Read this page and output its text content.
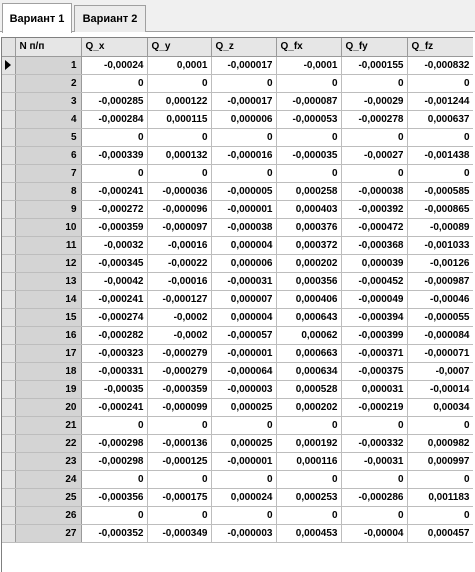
Вариант 1	Вариант 2
	N п/п	Q_x	Q_y	Q_z	Q_fx	Q_fy	Q_fz
	1	-0,00024	0,0001	-0,000017	-0,0001	-0,000155	-0,000832
	2	0	0	0	0	0	0
	3	-0,000285	0,000122	-0,000017	-0,000087	-0,00029	-0,001244
	4	-0,000284	0,000115	0,000006	-0,000053	-0,000278	0,000637
	5	0	0	0	0	0	0
	6	-0,000339	0,000132	-0,000016	-0,000035	-0,00027	-0,001438
	7	0	0	0	0	0	0
	8	-0,000241	-0,000036	-0,000005	0,000258	-0,000038	-0,000585
	9	-0,000272	-0,000096	-0,000001	0,000403	-0,000392	-0,000865
	10	-0,000359	-0,000097	-0,000038	0,000376	-0,000472	-0,00089
	11	-0,00032	-0,00016	0,000004	0,000372	-0,000368	-0,001033
	12	-0,000345	-0,00022	0,000006	0,000202	0,000039	-0,00126
	13	-0,00042	-0,00016	-0,000031	0,000356	-0,000452	-0,000987
	14	-0,000241	-0,000127	0,000007	0,000406	-0,000049	-0,00046
	15	-0,000274	-0,0002	0,000004	0,000643	-0,000394	-0,000055
	16	-0,000282	-0,0002	-0,000057	0,00062	-0,000399	-0,000084
	17	-0,000323	-0,000279	-0,000001	0,000663	-0,000371	-0,000071
	18	-0,000331	-0,000279	-0,000064	0,000634	-0,000375	-0,0007
	19	-0,00035	-0,000359	-0,000003	0,000528	0,000031	-0,00014
	20	-0,000241	-0,000099	0,000025	0,000202	-0,000219	0,00034
	21	0	0	0	0	0	0
	22	-0,000298	-0,000136	0,000025	0,000192	-0,000332	0,000982
	23	-0,000298	-0,000125	-0,000001	0,000116	-0,00031	0,000997
	24	0	0	0	0	0	0
	25	-0,000356	-0,000175	0,000024	0,000253	-0,000286	0,001183
	26	0	0	0	0	0	0
	27	-0,000352	-0,000349	-0,000003	0,000453	-0,00004	0,000457
